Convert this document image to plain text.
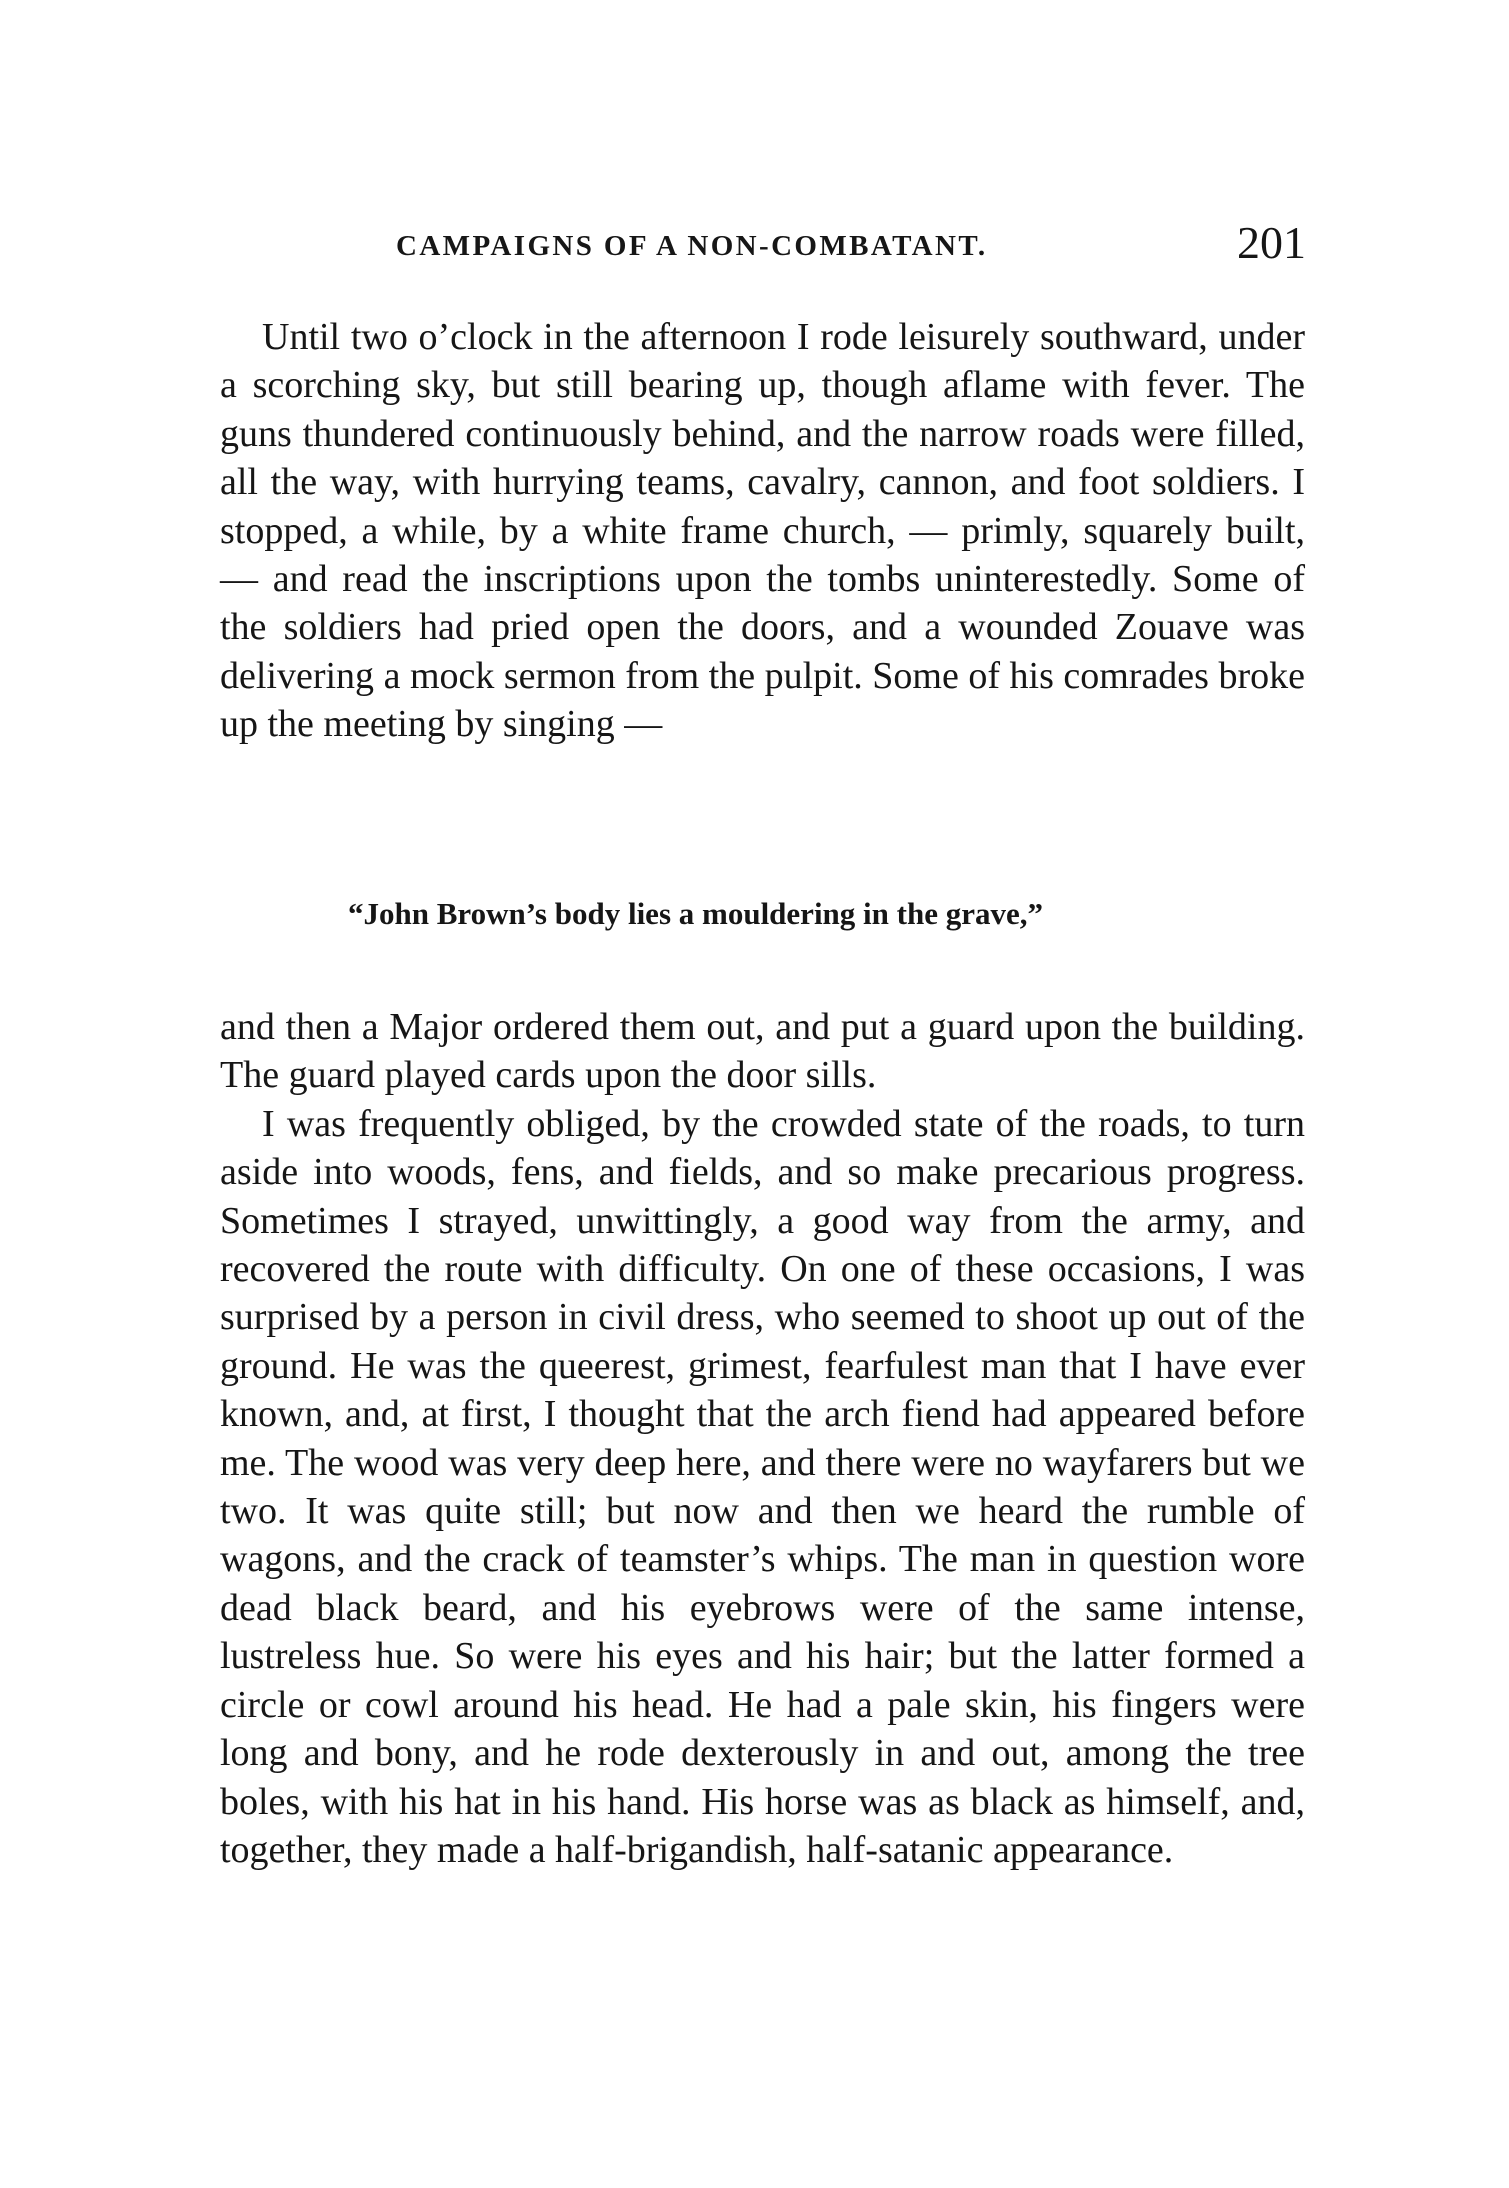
CAMPAIGNS OF A NON-COMBATANT.	201

Until two o’clock in the afternoon I rode leisurely southward, under a scorching sky, but still bearing up, though aflame with fever. The guns thundered continuously behind, and the narrow roads were filled, all the way, with hurrying teams, cavalry, cannon, and foot soldiers. I stopped, a while, by a white frame church, — primly, squarely built, — and read the inscriptions upon the tombs uninterestedly. Some of the soldiers had pried open the doors, and a wounded Zouave was delivering a mock sermon from the pulpit. Some of his comrades broke up the meeting by singing —

“John Brown’s body lies a mouldering in the grave,”

and then a Major ordered them out, and put a guard upon the building. The guard played cards upon the door sills.

I was frequently obliged, by the crowded state of the roads, to turn aside into woods, fens, and fields, and so make precarious progress. Sometimes I strayed, unwittingly, a good way from the army, and recovered the route with difficulty. On one of these occasions, I was surprised by a person in civil dress, who seemed to shoot up out of the ground. He was the queerest, grimest, fearfulest man that I have ever known, and, at first, I thought that the arch fiend had appeared before me. The wood was very deep here, and there were no wayfarers but we two. It was quite still; but now and then we heard the rumble of wagons, and the crack of teamster’s whips. The man in question wore dead black beard, and his eyebrows were of the same intense, lustreless hue. So were his eyes and his hair; but the latter formed a circle or cowl around his head. He had a pale skin, his fingers were long and bony, and he rode dexterously in and out, among the tree boles, with his hat in his hand. His horse was as black as himself, and, together, they made a half-brigandish, half-satanic appearance.
